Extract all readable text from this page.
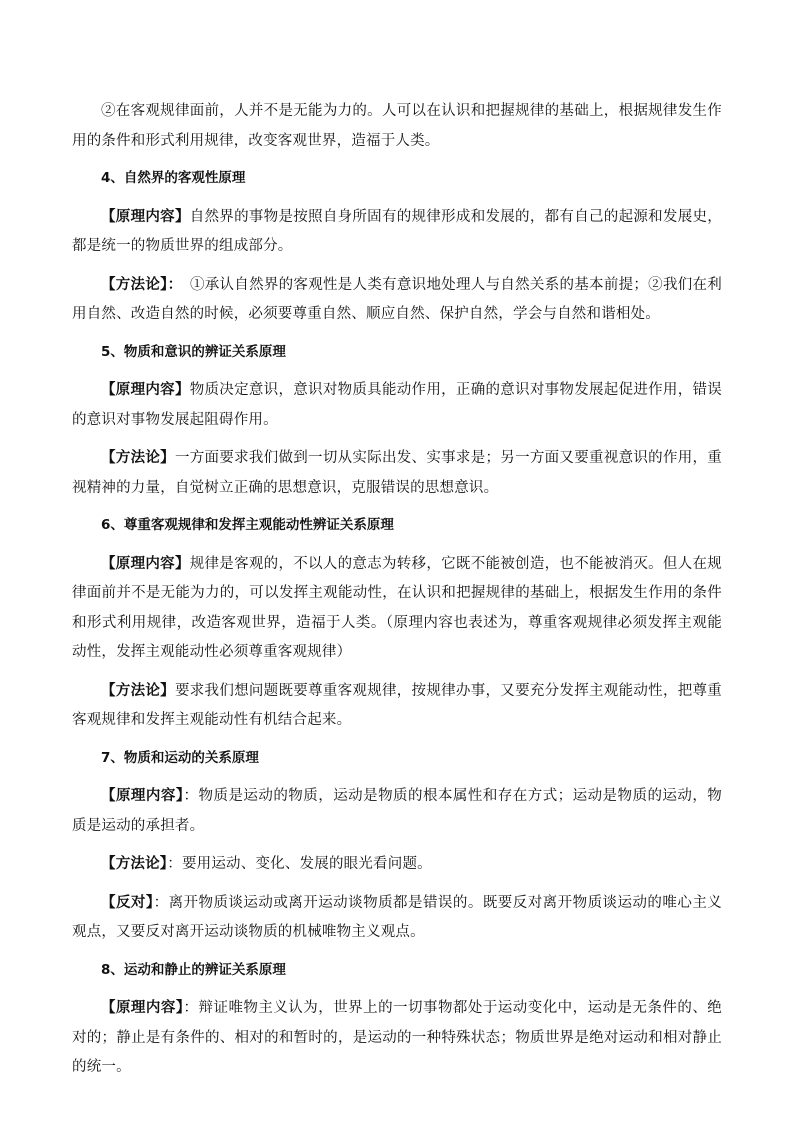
②在客观规律面前，人并不是无能为力的。人可以在认识和把握规律的基础上，根据规律发生作用的条件和形式利用规律，改变客观世界，造福于人类。

4、自然界的客观性原理

【原理内容】自然界的事物是按照自身所固有的规律形成和发展的，都有自己的起源和发展史，都是统一的物质世界的组成部分。

【方法论】：　①承认自然界的客观性是人类有意识地处理人与自然关系的基本前提；②我们在利用自然、改造自然的时候，必须要尊重自然、顺应自然、保护自然，学会与自然和谐相处。

5、物质和意识的辨证关系原理

【原理内容】物质决定意识，意识对物质具能动作用，正确的意识对事物发展起促进作用，错误的意识对事物发展起阻碍作用。

【方法论】一方面要求我们做到一切从实际出发、实事求是；另一方面又要重视意识的作用，重视精神的力量，自觉树立正确的思想意识，克服错误的思想意识。

6、尊重客观规律和发挥主观能动性辨证关系原理

【原理内容】规律是客观的，不以人的意志为转移，它既不能被创造，也不能被消灭。但人在规律面前并不是无能为力的，可以发挥主观能动性，在认识和把握规律的基础上，根据发生作用的条件和形式利用规律，改造客观世界，造福于人类。（原理内容也表述为，尊重客观规律必须发挥主观能动性，发挥主观能动性必须尊重客观规律）

【方法论】要求我们想问题既要尊重客观规律，按规律办事，又要充分发挥主观能动性，把尊重客观规律和发挥主观能动性有机结合起来。

7、物质和运动的关系原理

【原理内容】：物质是运动的物质，运动是物质的根本属性和存在方式；运动是物质的运动，物质是运动的承担者。

【方法论】：要用运动、变化、发展的眼光看问题。

【反对】：离开物质谈运动或离开运动谈物质都是错误的。既要反对离开物质谈运动的唯心主义观点，又要反对离开运动谈物质的机械唯物主义观点。

8、运动和静止的辨证关系原理

【原理内容】：辩证唯物主义认为，世界上的一切事物都处于运动变化中，运动是无条件的、绝对的；静止是有条件的、相对的和暂时的，是运动的一种特殊状态；物质世界是绝对运动和相对静止的统一。
